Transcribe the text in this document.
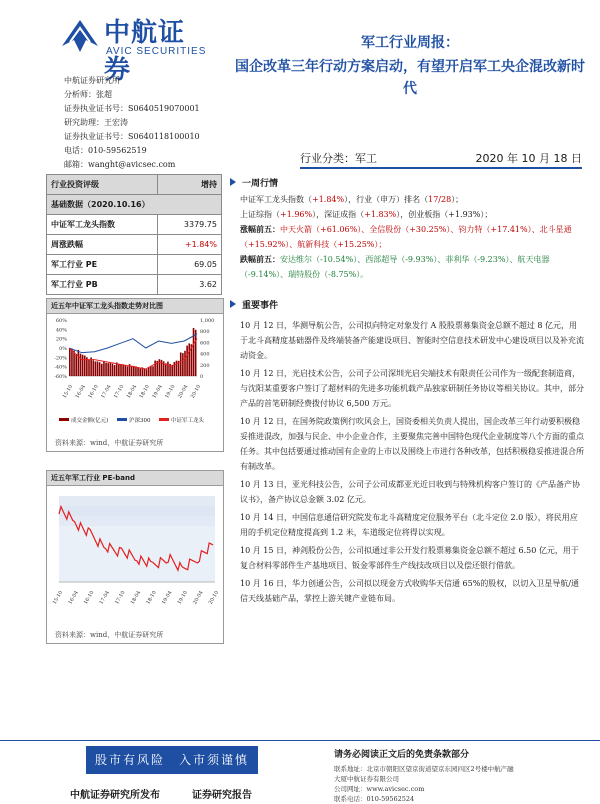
中航证券
AVIC SECURITIES
军工行业周报：
国企改革三年行动方案启动，有望开启军工央企混改新时代
中航证券研究所
分析师：张超
证券执业证书号：S0640519070001
研究助理：王宏涛
证券执业证书号：S0640118100010
电话：010-59562519
邮箱：wanght@avicsec.com	行业分类：军工	2020 年 10 月 18 日
行业投资评级	增持
基础数据（2020.10.16）	
中证军工龙头指数	3379.75
周涨跌幅	+1.84%
军工行业 PE	69.05
军工行业 PB	3.62
近五年中证军工龙头指数走势对比图
60%
40%
20%
0%
-20%
-40%
-60%
1,000
800
600
400
200
0
15-10 16-04 16-10 17-04 17-10 18-04 18-10 19-04 19-10 20-04 20-10
成交金额(亿元)	沪深300	中证军工龙头
资料来源：wind，中航证券研究所
近五年军工行业 PE-band
15-10 16-04 16-10 17-04 17-10 18-04 18-10 19-04 19-10 20-04 20-10
资料来源：wind，中航证券研究所
一周行情
中证军工龙头指数（+1.84%），行业（申万）排名（17/28）；
上证综指（+1.96%），深证成指（+1.83%），创业板指（+1.93%）；
涨幅前五：中天火箭（+61.06%）、全信股份（+30.25%）、钧力特（+17.41%）、北斗星通（+15.92%）、航新科技（+15.25%）；
跌幅前五：安达维尔（-10.54%）、西部超导（-9.93%）、菲利华（-9.23%）、航天电器（-9.14%）、瑞特股份（-8.75%）。
重要事件

10 月 12 日，华测导航公告，公司拟向特定对象发行 A 股股票募集资金总额不超过 8 亿元，用于北斗高精度基础器件及终端装备产能建设项目、智能时空信息技术研发中心建设项目以及补充流动资金。

10 月 12 日，光启技术公告，公司子公司深圳光启尖端技术有限责任公司作为一级配套制造商，与沈阳某重要客户签订了超材料的先进多功能机载产品独家研制任务协议等相关协议。其中，部分产品的首笔研制经费拨付协议 6,500 万元。

10 月 12 日，在国务院政策例行吹风会上，国资委相关负责人提出，国企改革三年行动要积极稳妥推进混改，加强与民企、中小企业合作，主要聚焦完善中国特色现代企业制度等八个方面的重点任务。其中包括要通过推动国有企业的上市以及围绕上市进行各种改革，包括积极稳妥推进混合所有制改革。

10 月 13 日，亚光科技公告，公司子公司成都亚光近日收到与特殊机构客户签订的《产品备产协议书》，备产协议总金额 3.02 亿元。

10 月 14 日，中国信息通信研究院发布北斗高精度定位服务平台（北斗定位 2.0 版），将民用应用的手机定位精度提高到 1.2 米，车道级定位将得以实现。

10 月 15 日，神剑股份公告，公司拟通过非公开发行股票募集资金总额不超过 6.50 亿元，用于复合材料零部件生产基地项目、钣金零部件生产线技改项目以及偿还银行借款。

10 月 16 日，华力创通公告，公司拟以现金方式收购华天信通 65%的股权，以切入卫星导航/通信天线基础产品，掌控上游关键产业链布局。

股市有风险　入市须谨慎
中航证券研究所发布	证券研究报告
请务必阅读正文后的免责条款部分
联系地址：北京市朝阳区望京街道望京东园四区2号楼中航产融大厦中航证券有限公司
公司网址：www.avicsec.com
联系电话：010-59562524
